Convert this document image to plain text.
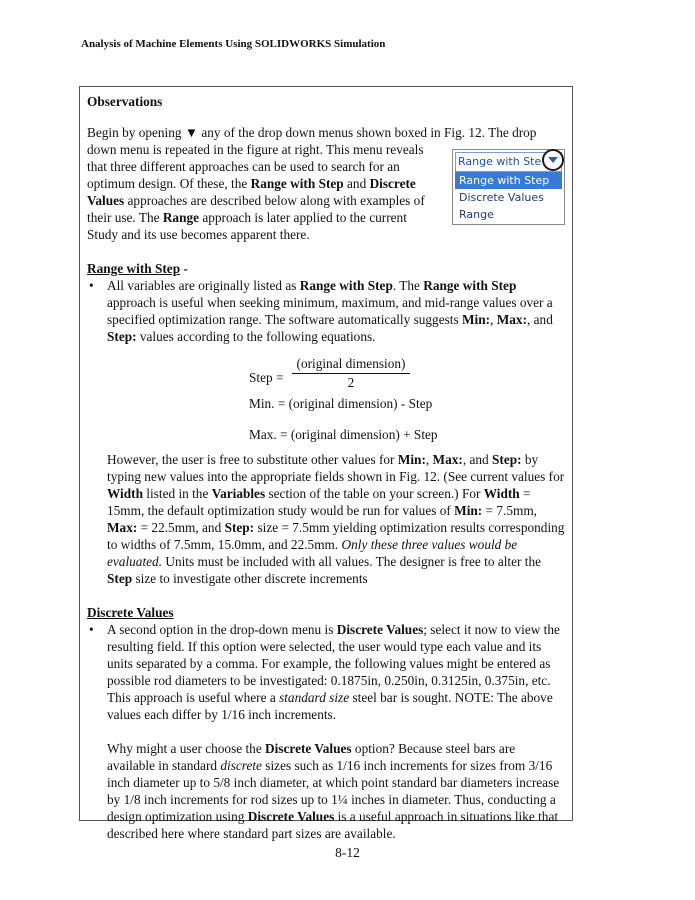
Analysis of Machine Elements Using SOLIDWORKS Simulation
Observations

Begin by opening ▼ any of the drop down menus shown boxed in Fig. 12. The drop

down menu is repeated in the figure at right. This menu reveals that three different approaches can be used to search for an optimum design. Of these, the Range with Step and Discrete Values approaches are described below along with examples of their use. The Range approach is later applied to the current Study and its use becomes apparent there.

Range with Ste
Range with Step
Discrete Values
Range

Range with Step -

• All variables are originally listed as Range with Step. The Range with Step approach is useful when seeking minimum, maximum, and mid-range values over a specified optimization range. The software automatically suggests Min:, Max:, and Step: values according to the following equations.

Step =
(original dimension)
2
Min. = (original dimension) - Step
Max. = (original dimension) + Step

However, the user is free to substitute other values for Min:, Max:, and Step: by typing new values into the appropriate fields shown in Fig. 12. (See current values for Width listed in the Variables section of the table on your screen.) For Width = 15mm, the default optimization study would be run for values of Min: = 7.5mm, Max: = 22.5mm, and Step: size = 7.5mm yielding optimization results corresponding to widths of 7.5mm, 15.0mm, and 22.5mm. Only these three values would be evaluated. Units must be included with all values. The designer is free to alter the Step size to investigate other discrete increments

Discrete Values

• A second option in the drop-down menu is Discrete Values; select it now to view the resulting field. If this option were selected, the user would type each value and its units separated by a comma. For example, the following values might be entered as possible rod diameters to be investigated: 0.1875in, 0.250in, 0.3125in, 0.375in, etc. This approach is useful where a standard size steel bar is sought. NOTE: The above values each differ by 1/16 inch increments.

Why might a user choose the Discrete Values option? Because steel bars are available in standard discrete sizes such as 1/16 inch increments for sizes from 3/16 inch diameter up to 5/8 inch diameter, at which point standard bar diameters increase by 1/8 inch increments for rod sizes up to 1¼ inches in diameter. Thus, conducting a design optimization using Discrete Values is a useful approach in situations like that described here where standard part sizes are available.

8-12
